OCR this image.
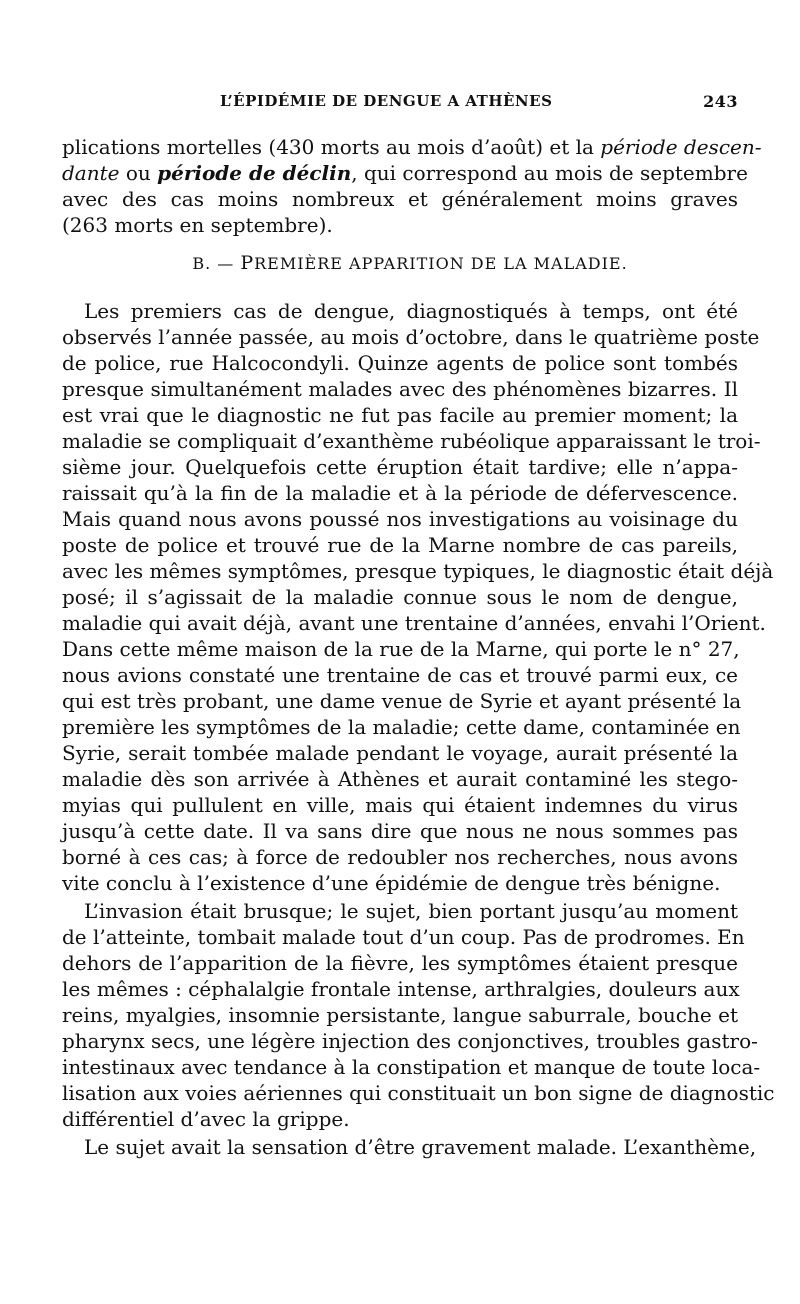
L’ÉPIDÉMIE DE DENGUE A ATHÈNES	243

plications mortelles (430 morts au mois d’août) et la période descen-
dante ou période de déclin, qui correspond au mois de septembre
avec des cas moins nombreux et généralement moins graves
(263 morts en septembre).

B. — PREMIÈRE APPARITION DE LA MALADIE.

Les premiers cas de dengue, diagnostiqués à temps, ont été
observés l’année passée, au mois d’octobre, dans le quatrième poste
de police, rue Halcocondyli. Quinze agents de police sont tombés
presque simultanément malades avec des phénomènes bizarres. Il
est vrai que le diagnostic ne fut pas facile au premier moment; la
maladie se compliquait d’exanthème rubéolique apparaissant le troi-
sième jour. Quelquefois cette éruption était tardive; elle n’appa-
raissait qu’à la fin de la maladie et à la période de défervescence.
Mais quand nous avons poussé nos investigations au voisinage du
poste de police et trouvé rue de la Marne nombre de cas pareils,
avec les mêmes symptômes, presque typiques, le diagnostic était déjà
posé; il s’agissait de la maladie connue sous le nom de dengue,
maladie qui avait déjà, avant une trentaine d’années, envahi l’Orient.
Dans cette même maison de la rue de la Marne, qui porte le n° 27,
nous avions constaté une trentaine de cas et trouvé parmi eux, ce
qui est très probant, une dame venue de Syrie et ayant présenté la
première les symptômes de la maladie; cette dame, contaminée en
Syrie, serait tombée malade pendant le voyage, aurait présenté la
maladie dès son arrivée à Athènes et aurait contaminé les stego-
myias qui pullulent en ville, mais qui étaient indemnes du virus
jusqu’à cette date. Il va sans dire que nous ne nous sommes pas
borné à ces cas; à force de redoubler nos recherches, nous avons
vite conclu à l’existence d’une épidémie de dengue très bénigne.

L’invasion était brusque; le sujet, bien portant jusqu’au moment
de l’atteinte, tombait malade tout d’un coup. Pas de prodromes. En
dehors de l’apparition de la fièvre, les symptômes étaient presque
les mêmes : céphalalgie frontale intense, arthralgies, douleurs aux
reins, myalgies, insomnie persistante, langue saburrale, bouche et
pharynx secs, une légère injection des conjonctives, troubles gastro-
intestinaux avec tendance à la constipation et manque de toute loca-
lisation aux voies aériennes qui constituait un bon signe de diagnostic
différentiel d’avec la grippe.

Le sujet avait la sensation d’être gravement malade. L’exanthème,
